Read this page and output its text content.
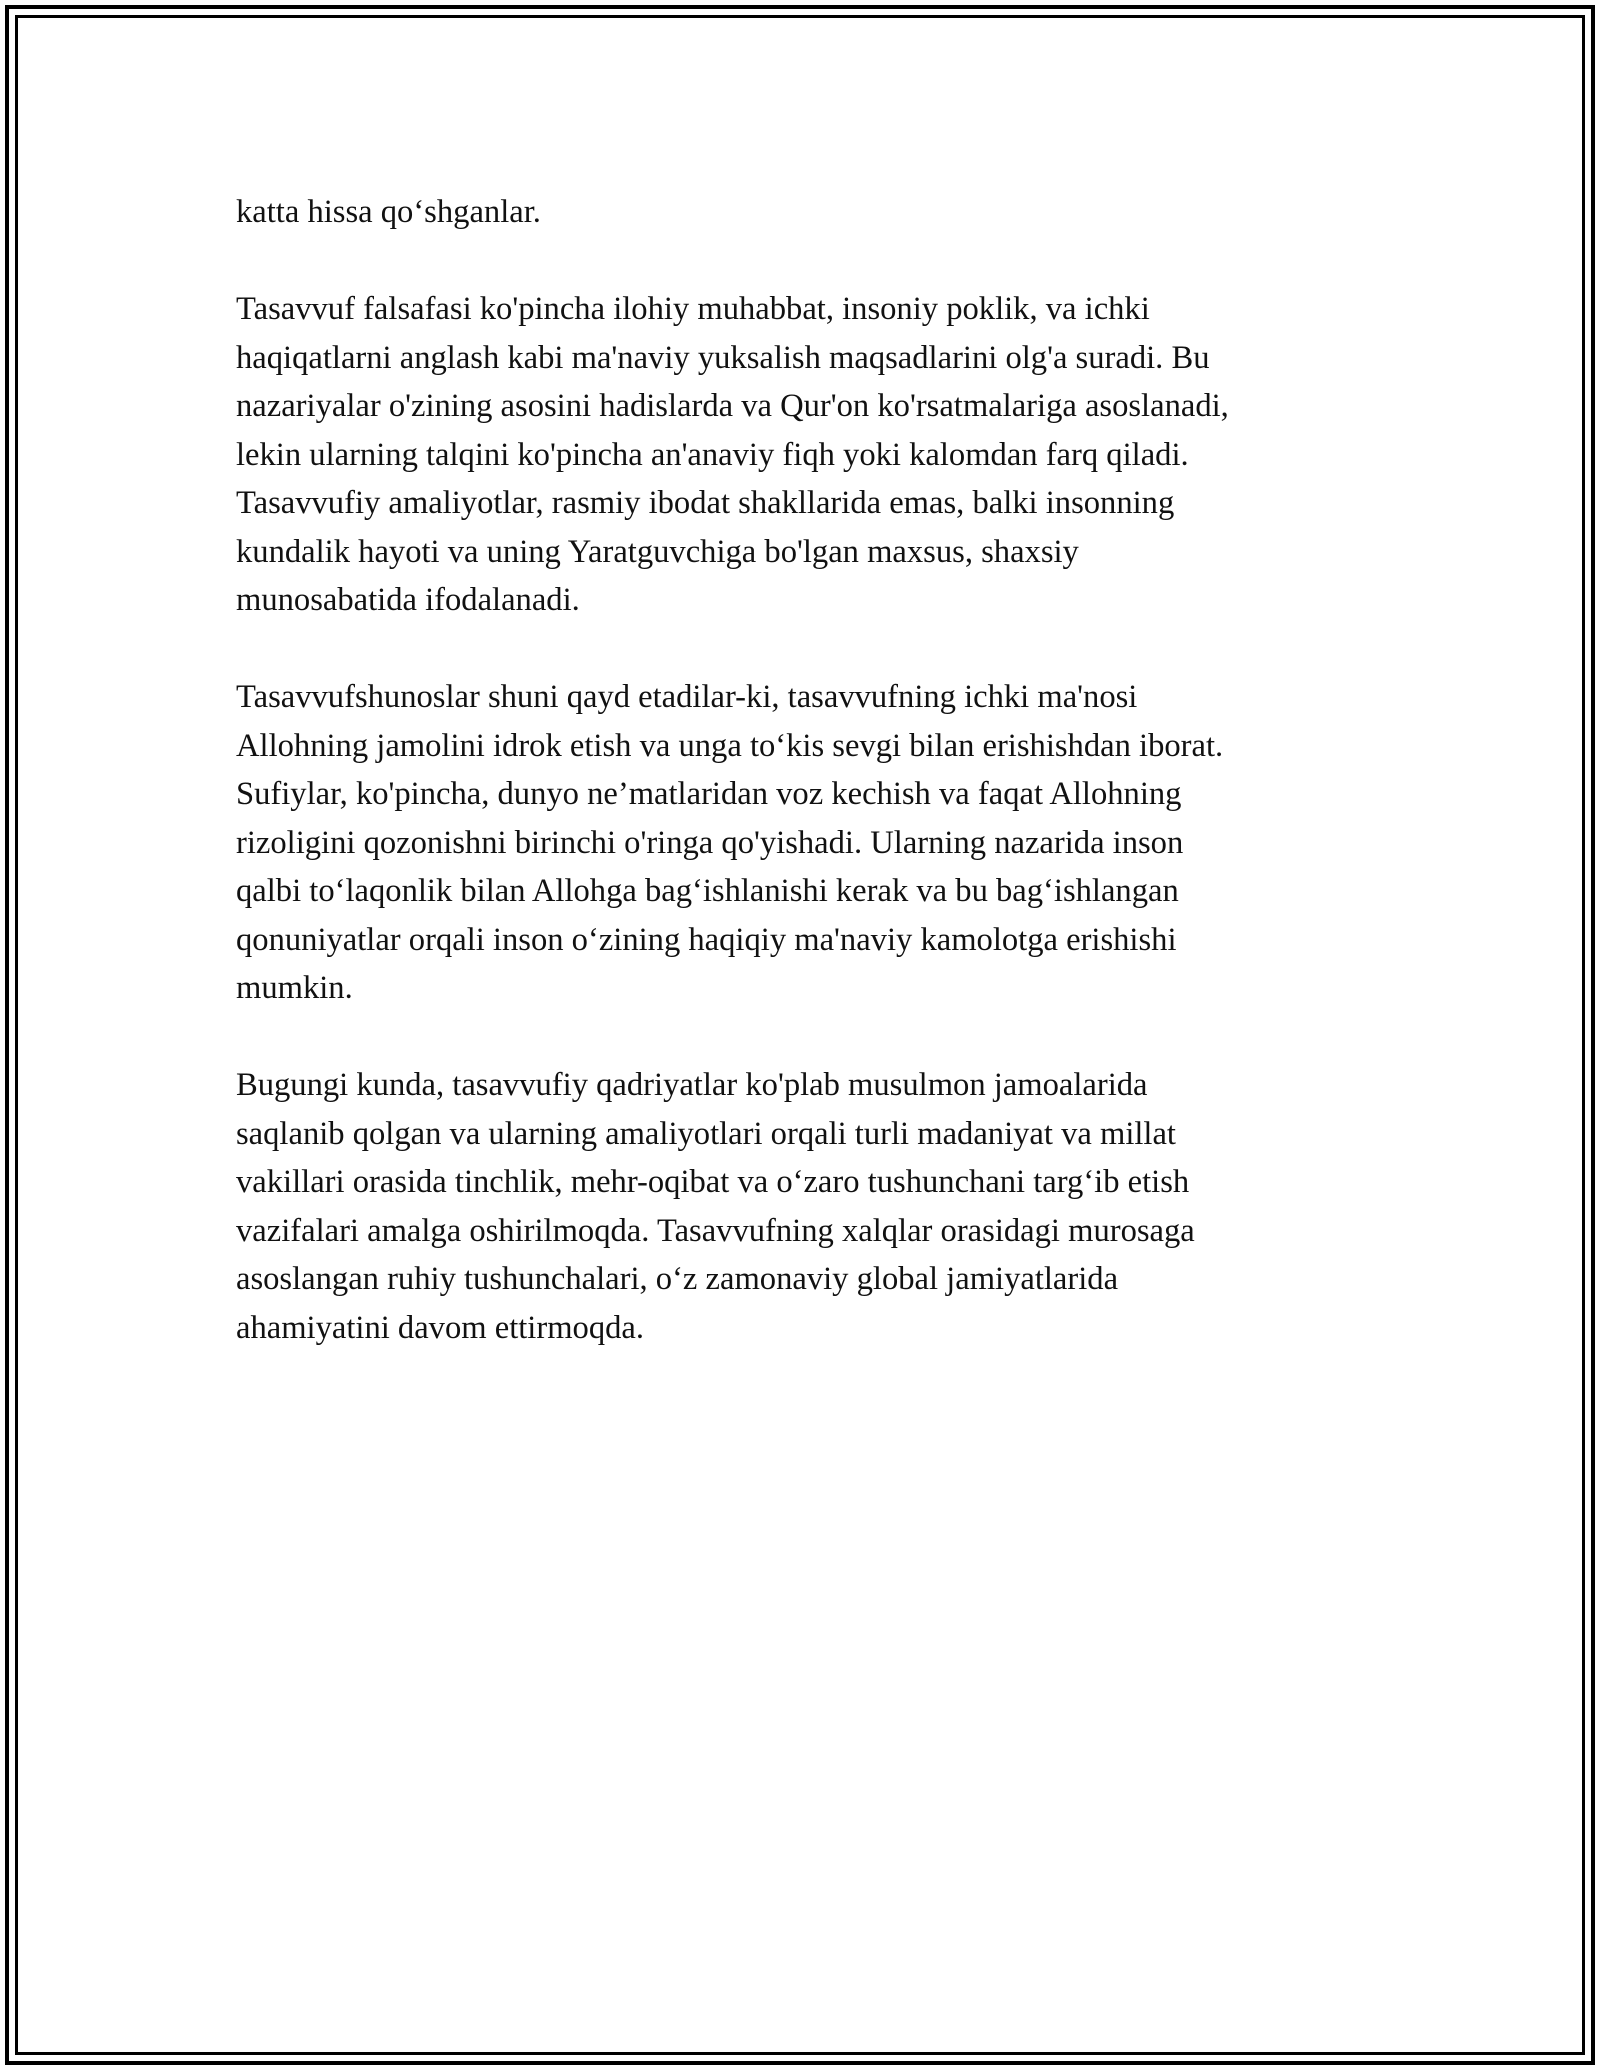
katta hissa qo‘shganlar.

Tasavvuf falsafasi ko'pincha ilohiy muhabbat, insoniy poklik, va ichki
haqiqatlarni anglash kabi ma'naviy yuksalish maqsadlarini olg'a suradi. Bu
nazariyalar o'zining asosini hadislarda va Qur'on ko'rsatmalariga asoslanadi,
lekin ularning talqini ko'pincha an'anaviy fiqh yoki kalomdan farq qiladi.
Tasavvufiy amaliyotlar, rasmiy ibodat shakllarida emas, balki insonning
kundalik hayoti va uning Yaratguvchiga bo'lgan maxsus, shaxsiy
munosabatida ifodalanadi.

Tasavvufshunoslar shuni qayd etadilar-ki, tasavvufning ichki ma'nosi
Allohning jamolini idrok etish va unga to‘kis sevgi bilan erishishdan iborat.
Sufiylar, ko'pincha, dunyo ne’matlaridan voz kechish va faqat Allohning
rizoligini qozonishni birinchi o'ringa qo'yishadi. Ularning nazarida inson
qalbi to‘laqonlik bilan Allohga bag‘ishlanishi kerak va bu bag‘ishlangan
qonuniyatlar orqali inson o‘zining haqiqiy ma'naviy kamolotga erishishi
mumkin.

Bugungi kunda, tasavvufiy qadriyatlar ko'plab musulmon jamoalarida
saqlanib qolgan va ularning amaliyotlari orqali turli madaniyat va millat
vakillari orasida tinchlik, mehr-oqibat va o‘zaro tushunchani targ‘ib etish
vazifalari amalga oshirilmoqda. Tasavvufning xalqlar orasidagi murosaga
asoslangan ruhiy tushunchalari, o‘z zamonaviy global jamiyatlarida
ahamiyatini davom ettirmoqda.
